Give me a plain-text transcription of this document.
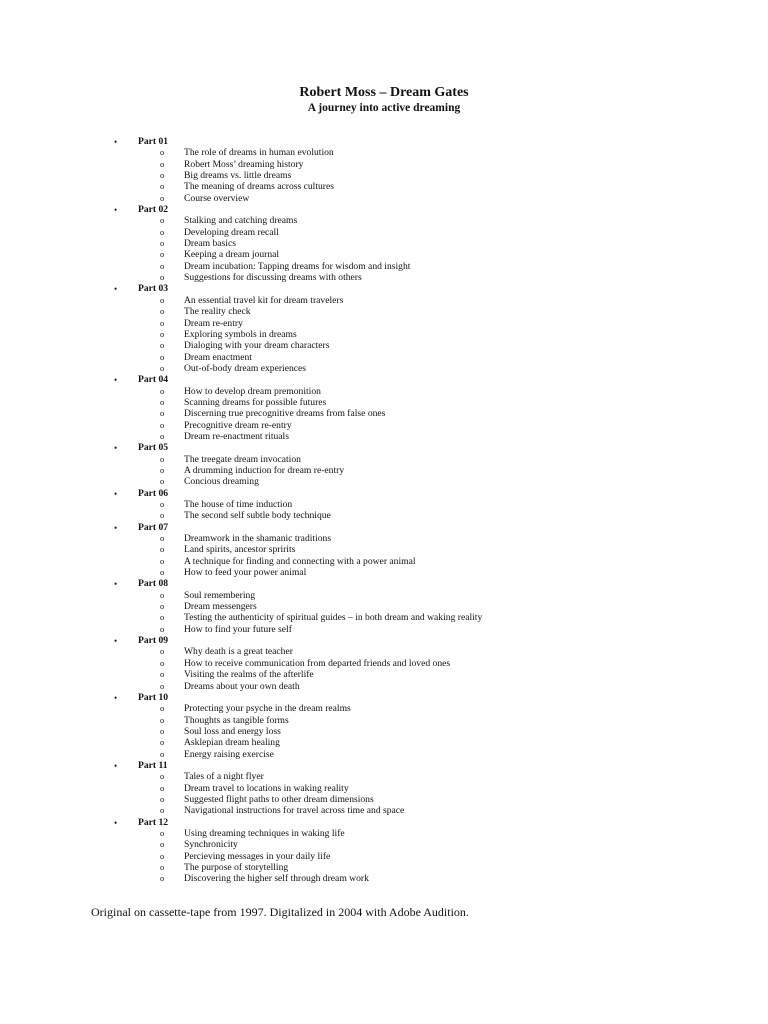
Robert Moss – Dream Gates
A journey into active dreaming
• Part 01
o The role of dreams in human evolution
o Robert Moss’ dreaming history
o Big dreams vs. little dreams
o The meaning of dreams across cultures
o Course overview
• Part 02
o Stalking and catching dreams
o Developing dream recall
o Dream basics
o Keeping a dream journal
o Dream incubation: Tapping dreams for wisdom and insight
o Suggestions for discussing dreams with others
• Part 03
o An essential travel kit for dream travelers
o The reality check
o Dream re-entry
o Exploring symbols in dreams
o Dialoging with your dream characters
o Dream enactment
o Out-of-body dream experiences
• Part 04
o How to develop dream premonition
o Scanning dreams for possible futures
o Discerning true precognitive dreams from false ones
o Precognitive dream re-entry
o Dream re-enactment rituals
• Part 05
o The treegate dream invocation
o A drumming induction for dream re-entry
o Concious dreaming
• Part 06
o The house of time induction
o The second self subtle body technique
• Part 07
o Dreamwork in the shamanic traditions
o Land spirits, ancestor spririts
o A technique for finding and connecting with a power animal
o How to feed your power animal
• Part 08
o Soul remembering
o Dream messengers
o Testing the authenticity of spiritual guides – in both dream and waking reality
o How to find your future self
• Part 09
o Why death is a great teacher
o How to receive communication from departed friends and loved ones
o Visiting the realms of the afterlife
o Dreams about your own death
• Part 10
o Protecting your psyche in the dream realms
o Thoughts as tangible forms
o Soul loss and energy loss
o Asklepian dream healing
o Energy raising exercise
• Part 11
o Tales of a night flyer
o Dream travel to locations in waking reality
o Suggested flight paths to other dream dimensions
o Navigational instructions for travel across time and space
• Part 12
o Using dreaming techniques in waking life
o Synchronicity
o Percieving messages in your daily life
o The purpose of storytelling
o Discovering the higher self through dream work
Original on cassette-tape from 1997. Digitalized in 2004 with Adobe Audition.
